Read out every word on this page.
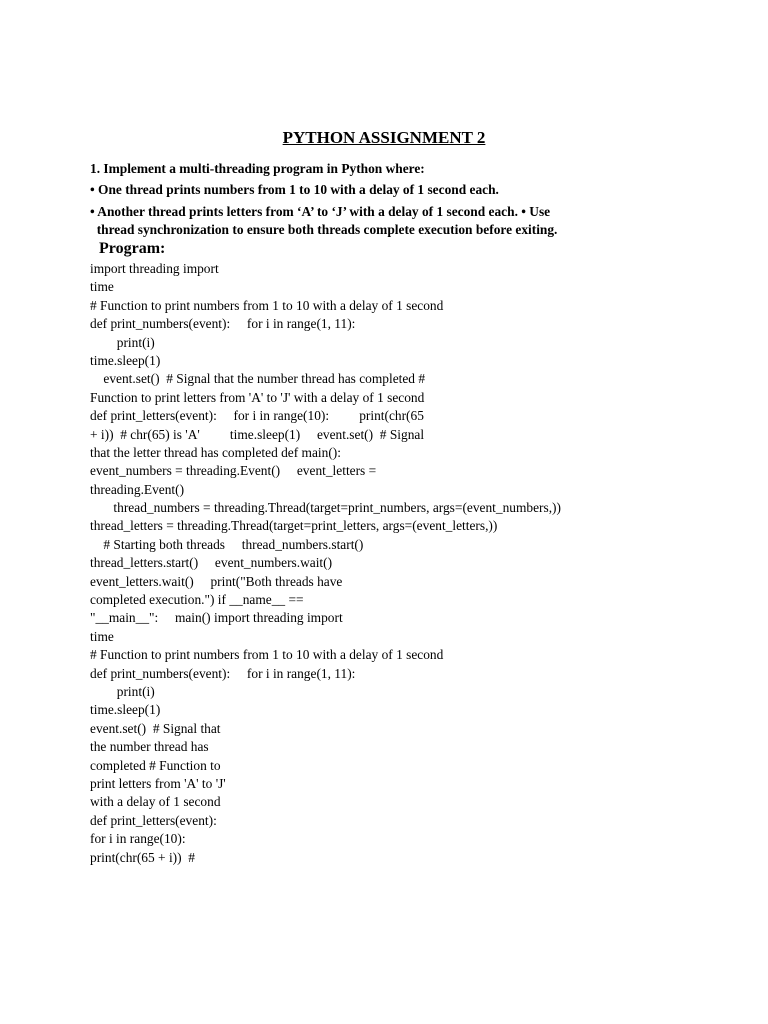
PYTHON ASSIGNMENT 2
1. Implement a multi-threading program in Python where:
• One thread prints numbers from 1 to 10 with a delay of 1 second each.
• Another thread prints letters from ‘A’ to ‘J’ with a delay of 1 second each. • Use
thread synchronization to ensure both threads complete execution before exiting.
Program:
import threading import
time
# Function to print numbers from 1 to 10 with a delay of 1 second
def print_numbers(event):     for i in range(1, 11):
print(i)
time.sleep(1)
event.set()  # Signal that the number thread has completed #
Function to print letters from 'A' to 'J' with a delay of 1 second
def print_letters(event):     for i in range(10):         print(chr(65
+ i))  # chr(65) is 'A'         time.sleep(1)     event.set()  # Signal
that the letter thread has completed def main():
event_numbers = threading.Event()     event_letters =
threading.Event()
thread_numbers = threading.Thread(target=print_numbers, args=(event_numbers,))
thread_letters = threading.Thread(target=print_letters, args=(event_letters,))
# Starting both threads     thread_numbers.start()
thread_letters.start()     event_numbers.wait()
event_letters.wait()     print("Both threads have
completed execution.") if __name__ ==
"__main__":     main() import threading import
time
# Function to print numbers from 1 to 10 with a delay of 1 second
def print_numbers(event):     for i in range(1, 11):
print(i)
time.sleep(1)
event.set()  # Signal that
the number thread has
completed # Function to
print letters from 'A' to 'J'
with a delay of 1 second
def print_letters(event):
for i in range(10):
print(chr(65 + i))  #
